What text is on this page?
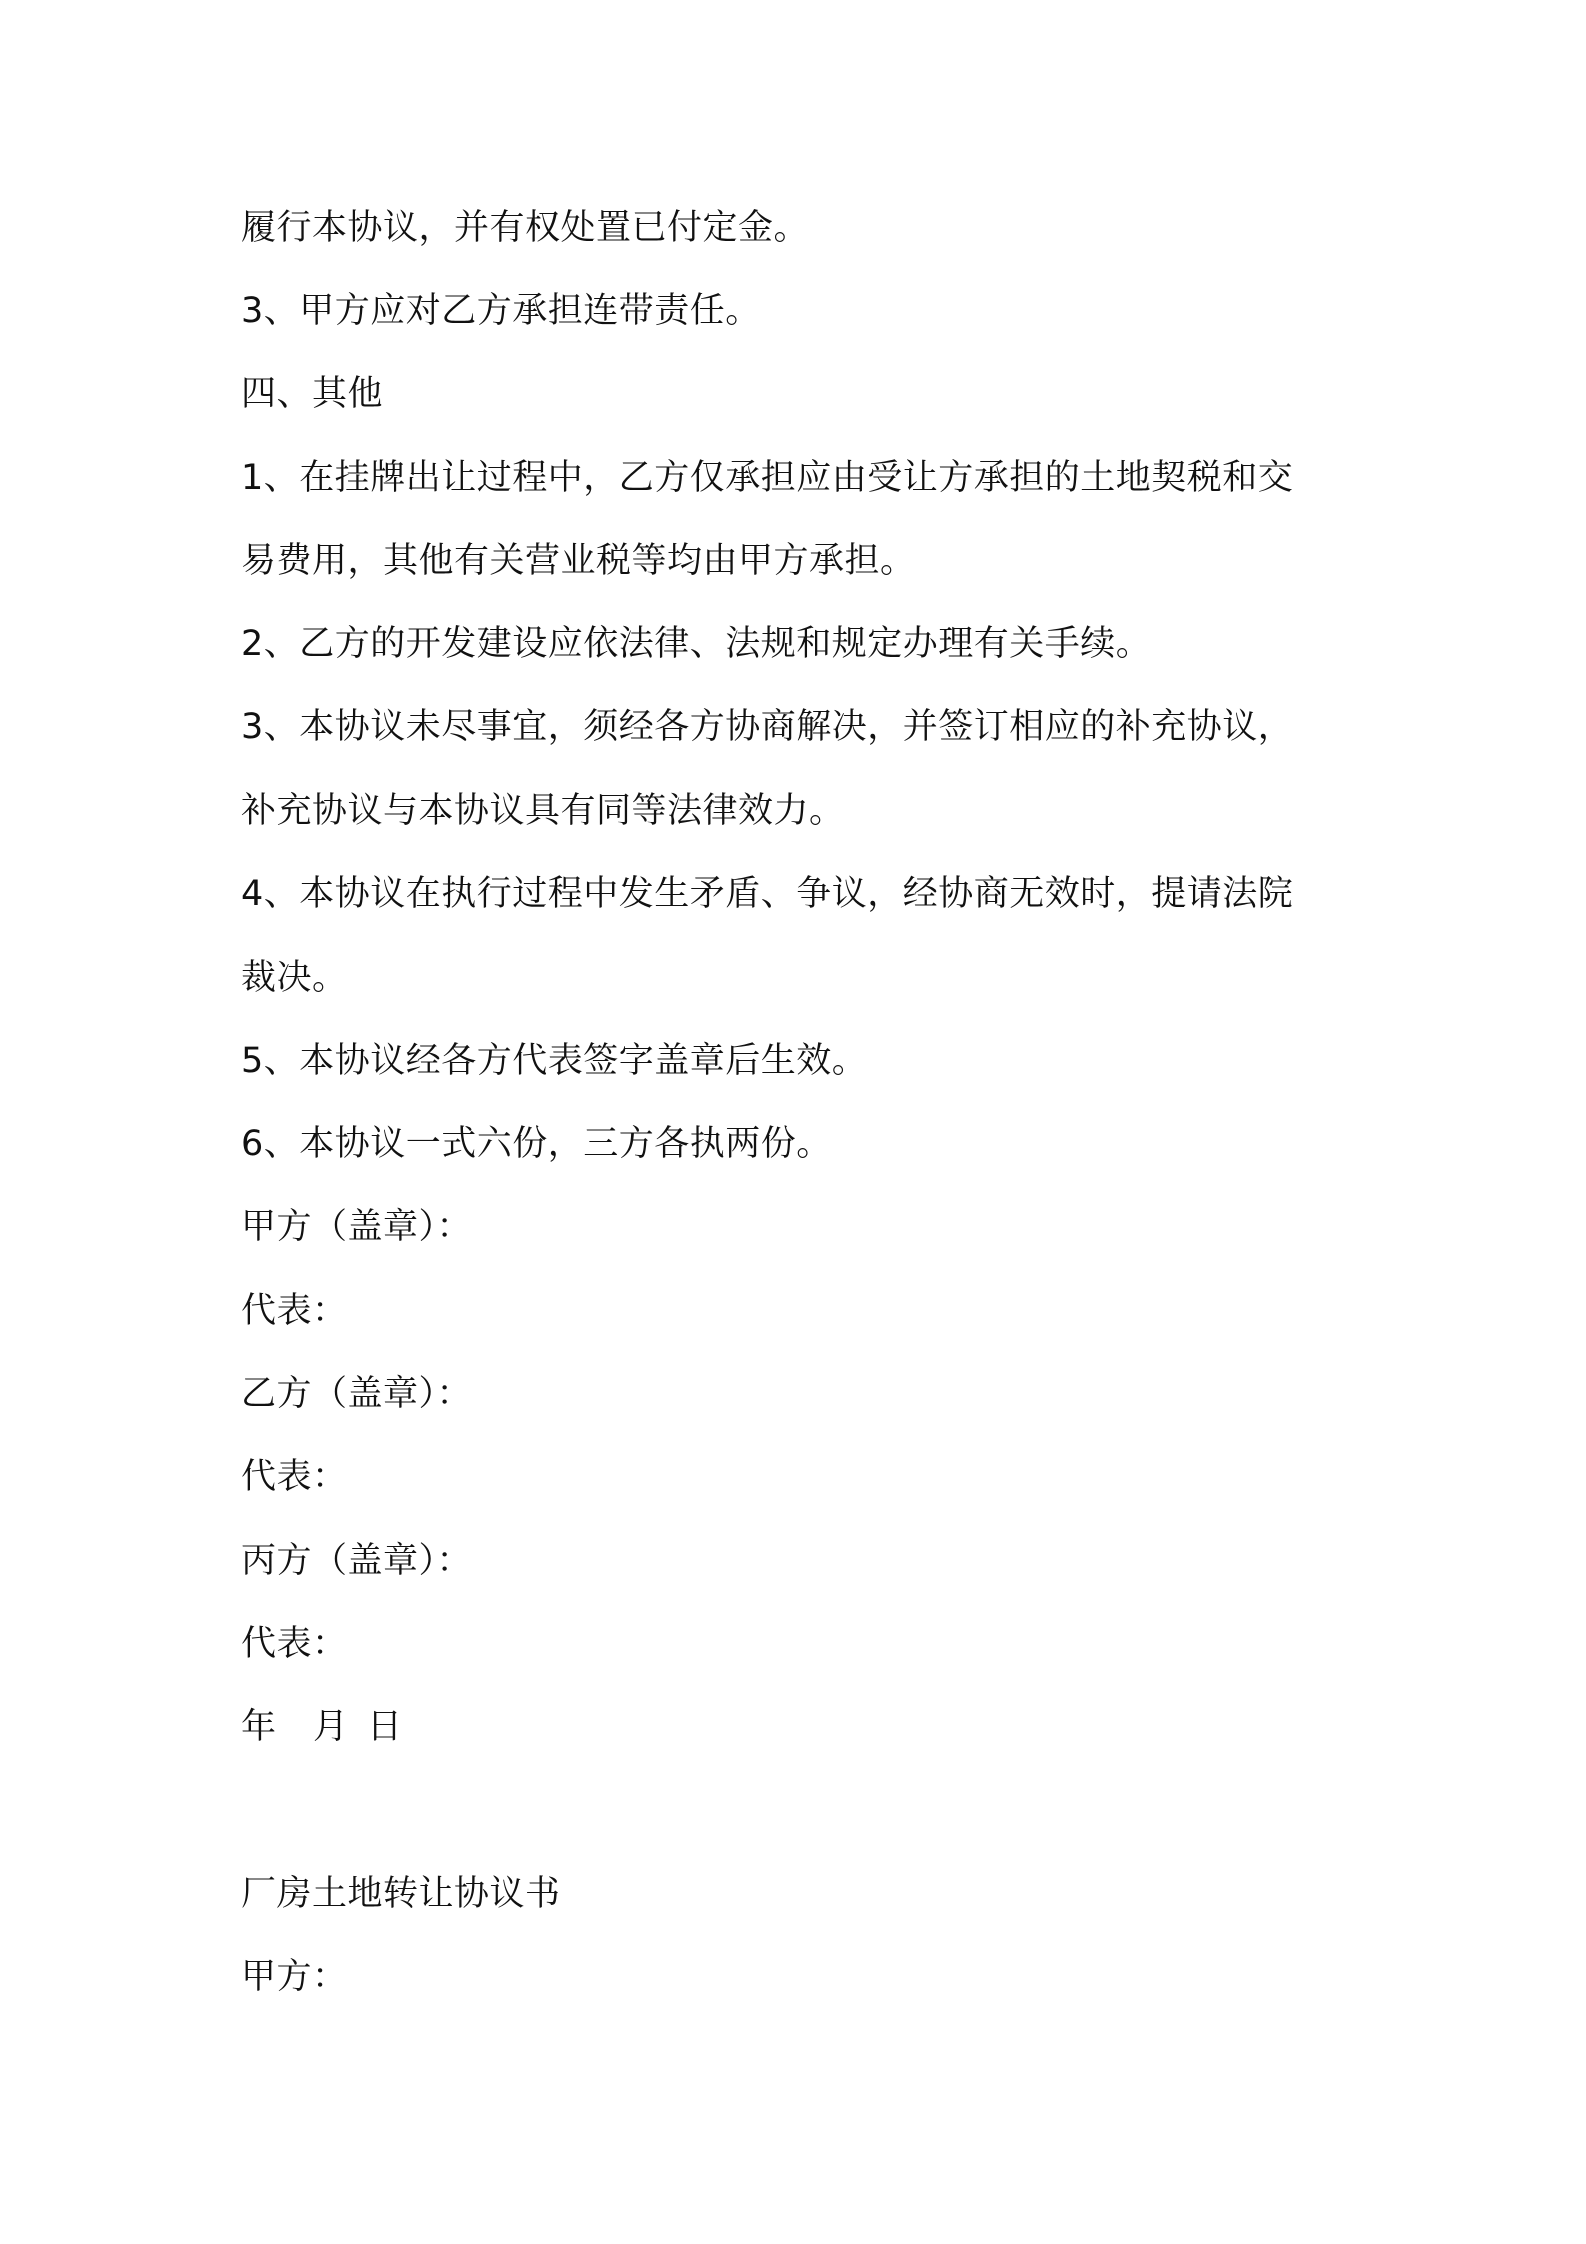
履行本协议，并有权处置已付定金。

3、甲方应对乙方承担连带责任。

四、其他

1、在挂牌出让过程中，乙方仅承担应由受让方承担的土地契税和交

易费用，其他有关营业税等均由甲方承担。

2、乙方的开发建设应依法律、法规和规定办理有关手续。

3、本协议未尽事宜，须经各方协商解决，并签订相应的补充协议，

补充协议与本协议具有同等法律效力。

4、本协议在执行过程中发生矛盾、争议，经协商无效时，提请法院

裁决。

5、本协议经各方代表签字盖章后生效。

6、本协议一式六份，三方各执两份。

甲方（盖章）：

代表：

乙方（盖章）：

代表：

丙方（盖章）：

代表：

年 月 日

厂房土地转让协议书

甲方：
